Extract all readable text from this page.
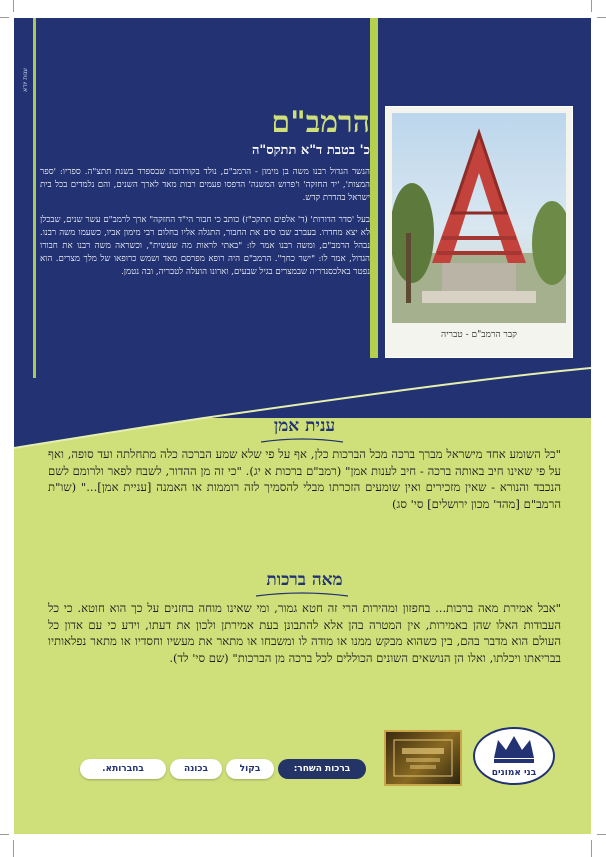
ענות יודא
הרמב"ם
כ' בטבת ד"א תתקס"ה

הנשר הגדול רבנו משה בן מימון - הרמב"ם, נולד בקורדובה שבספרד בשנת תתצ"ה. ספריו: 'ספר המצות', 'יד החזקה' ו'פרוש המשנה' הדפסו פעמים רבות מאד לארך השנים, והם נלמדים בכל בית ישראל בהדרת קדש.

בעל 'סדר הדורות' (ד' אלפים תתקכ"ז) כותב כי חבור הי"ד החזקה" ארך לרמב"ם עשר שנים, שבכלן לא יצא מחדרו. בעברב שבו סים את החבור, התגלה אליו בחלום רבי מימון אביו, כשעמו משה רבנו. נבהל הרמב"ם, ומשה רבנו אמר לו: "באתי לראות מה שעשית", וכשראה משה רבנו את חבורו הגדול, אמר לו: "ישר כחך". הרמב"ם היה רופא מפרסם מאד ושמש כרופאו של מלך מצרים. הוא נפטר באלכסנדריה שבמצרים בגיל שבעים, וארונו הועלה לטבריה, ובה נטמן.

קבר הרמב"ם - טבריה
ענית אמן
"כל השומע אחד מישראל מברך ברכה מכל הברכות כלן, אף על פי שלא שמע הברכה כלה מתחלתה ועד סופה, ואף על פי שאינו חיב באותה ברכה - חיב לענות אמן" (רמב"ם ברכות א יג). "כי זה מן ההדור, לשבח לפאר ולרומם לשם הנכבד והנורא - שאין מזכירים ואין שומעים הזכרתו מבלי להסמיך לזה רוממות או האמנה [עניית אמן]..." (שו"ת הרמב"ם [מהד' מכון ירושלים] סי' סג)
מאה ברכות
"אבל אמירת מאה ברכות... בחפזון ומהירות הרי זה חטא גמור, ומי שאינו מוחה בחזנים על כך הוא חוטא. כי כל העבודות האלו שהן באמירות, אין המטרה בהן אלא להתבונן בעת אמירתן ולכון את דעתו, וידע כי עם אדון כל העולם הוא מדבר בהם, בין כשהוא מבקש ממנו או מודה לו ומשבחו או מתאר את מעשיו וחסדיו או מתאר נפלאותיו בבריאתו ויכלתו, ואלו הן הנושאים השונים הכוללים לכל ברכה מן הברכות" (שם סי' לד).
ברכות השחר:
בקול
בכונה
בחברותא.	בני אמונים
